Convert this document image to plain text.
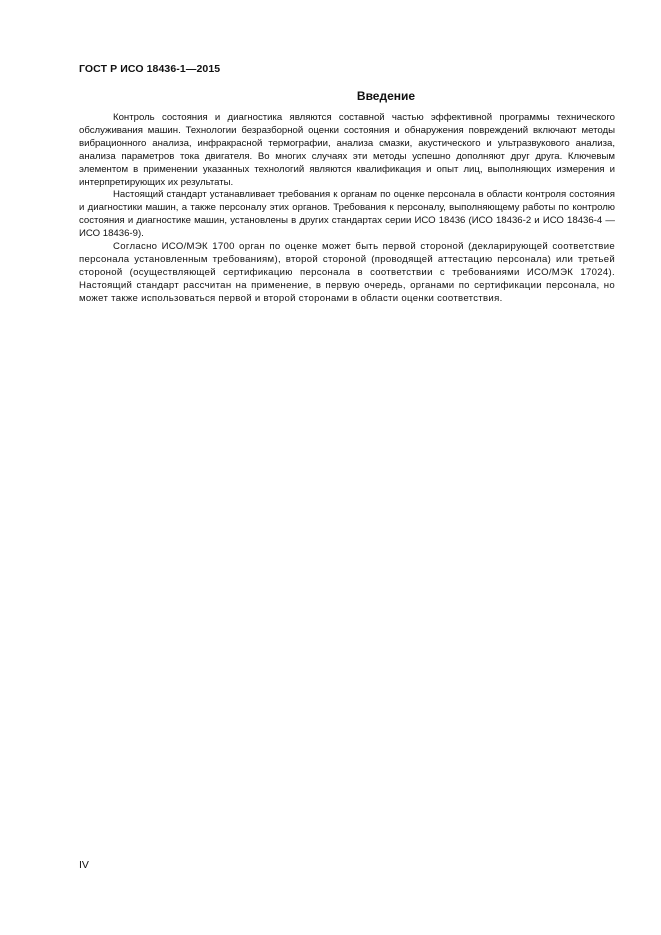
ГОСТ Р ИСО 18436-1—2015
Введение

Контроль состояния и диагностика являются составной частью эффективной программы технического обслуживания машин. Технологии безразборной оценки состояния и обнаружения повреждений включают методы вибрационного анализа, инфракрасной термографии, анализа смазки, акустического и ультразвукового анализа, анализа параметров тока двигателя. Во многих случаях эти методы успешно дополняют друг друга. Ключевым элементом в применении указанных технологий являются квалификация и опыт лиц, выполняющих измерения и интерпретирующих их результаты.

Настоящий стандарт устанавливает требования к органам по оценке персонала в области контроля состояния и диагностики машин, а также персоналу этих органов. Требования к персоналу, выполняющему работы по контролю состояния и диагностике машин, установлены в других стандартах серии ИСО 18436 (ИСО 18436-2 и ИСО 18436-4 — ИСО 18436-9).

Согласно ИСО/МЭК 1700 орган по оценке может быть первой стороной (декларирующей соответствие персонала установленным требованиям), второй стороной (проводящей аттестацию персонала) или третьей стороной (осуществляющей сертификацию персонала в соответствии с требованиями ИСО/МЭК 17024). Настоящий стандарт рассчитан на применение, в первую очередь, органами по сертификации персонала, но может также использоваться первой и второй сторонами в области оценки соответствия.

IV
